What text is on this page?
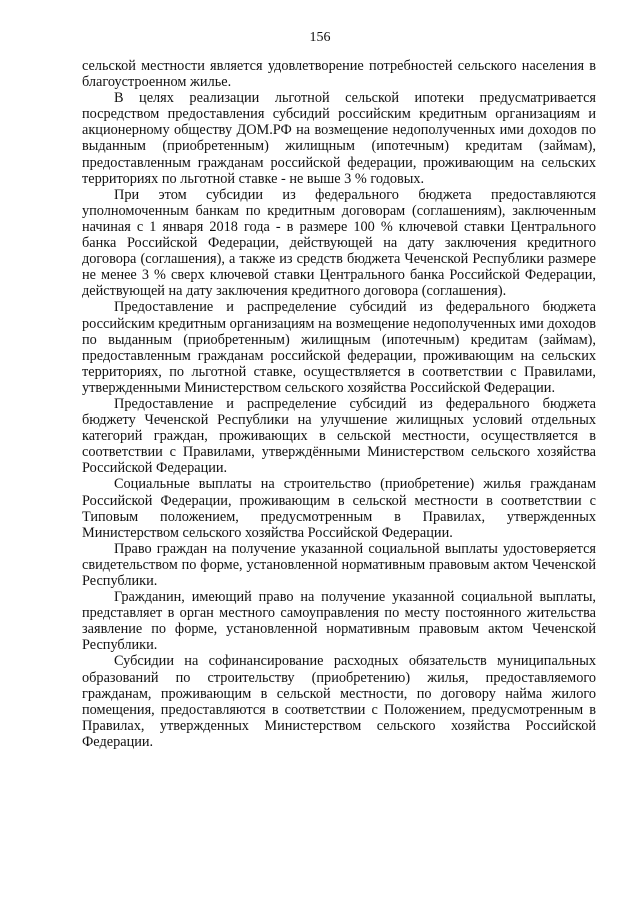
156

сельской местности является удовлетворение потребностей сельского населения в благоустроенном жилье.

В целях реализации льготной сельской ипотеки предусматривается посредством предоставления субсидий российским кредитным организациям и акционерному обществу ДОМ.РФ на возмещение недополученных ими доходов по выданным (приобретенным) жилищным (ипотечным) кредитам (займам), предоставленным гражданам российской федерации, проживающим на сельских территориях по льготной ставке - не выше 3 % годовых.

При этом субсидии из федерального бюджета предоставляются уполномоченным банкам по кредитным договорам (соглашениям), заключенным начиная с 1 января 2018 года - в размере 100 % ключевой ставки Центрального банка Российской Федерации, действующей на дату заключения кредитного договора (соглашения), а также из средств бюджета Чеченской Республики размере не менее 3 % сверх ключевой ставки Центрального банка Российской Федерации, действующей на дату заключения кредитного договора (соглашения).

Предоставление и распределение субсидий из федерального бюджета российским кредитным организациям на возмещение недополученных ими доходов по выданным (приобретенным) жилищным (ипотечным) кредитам (займам), предоставленным гражданам российской федерации, проживающим на сельских территориях, по льготной ставке, осуществляется в соответствии с Правилами, утвержденными Министерством сельского хозяйства Российской Федерации.

Предоставление и распределение субсидий из федерального бюджета бюджету Чеченской Республики на улучшение жилищных условий отдельных категорий граждан, проживающих в сельской местности, осуществляется в соответствии с Правилами, утверждёнными Министерством сельского хозяйства Российской Федерации.

Социальные выплаты на строительство (приобретение) жилья гражданам Российской Федерации, проживающим в сельской местности в соответствии с Типовым положением, предусмотренным в Правилах, утвержденных Министерством сельского хозяйства Российской Федерации.

Право граждан на получение указанной социальной выплаты удостоверяется свидетельством по форме, установленной нормативным правовым актом Чеченской Республики.

Гражданин, имеющий право на получение указанной социальной выплаты, представляет в орган местного самоуправления по месту постоянного жительства заявление по форме, установленной нормативным правовым актом Чеченской Республики.

Субсидии на софинансирование расходных обязательств муниципальных образований по строительству (приобретению) жилья, предоставляемого гражданам, проживающим в сельской местности, по договору найма жилого помещения, предоставляются в соответствии с Положением, предусмотренным в Правилах, утвержденных Министерством сельского хозяйства Российской Федерации.
